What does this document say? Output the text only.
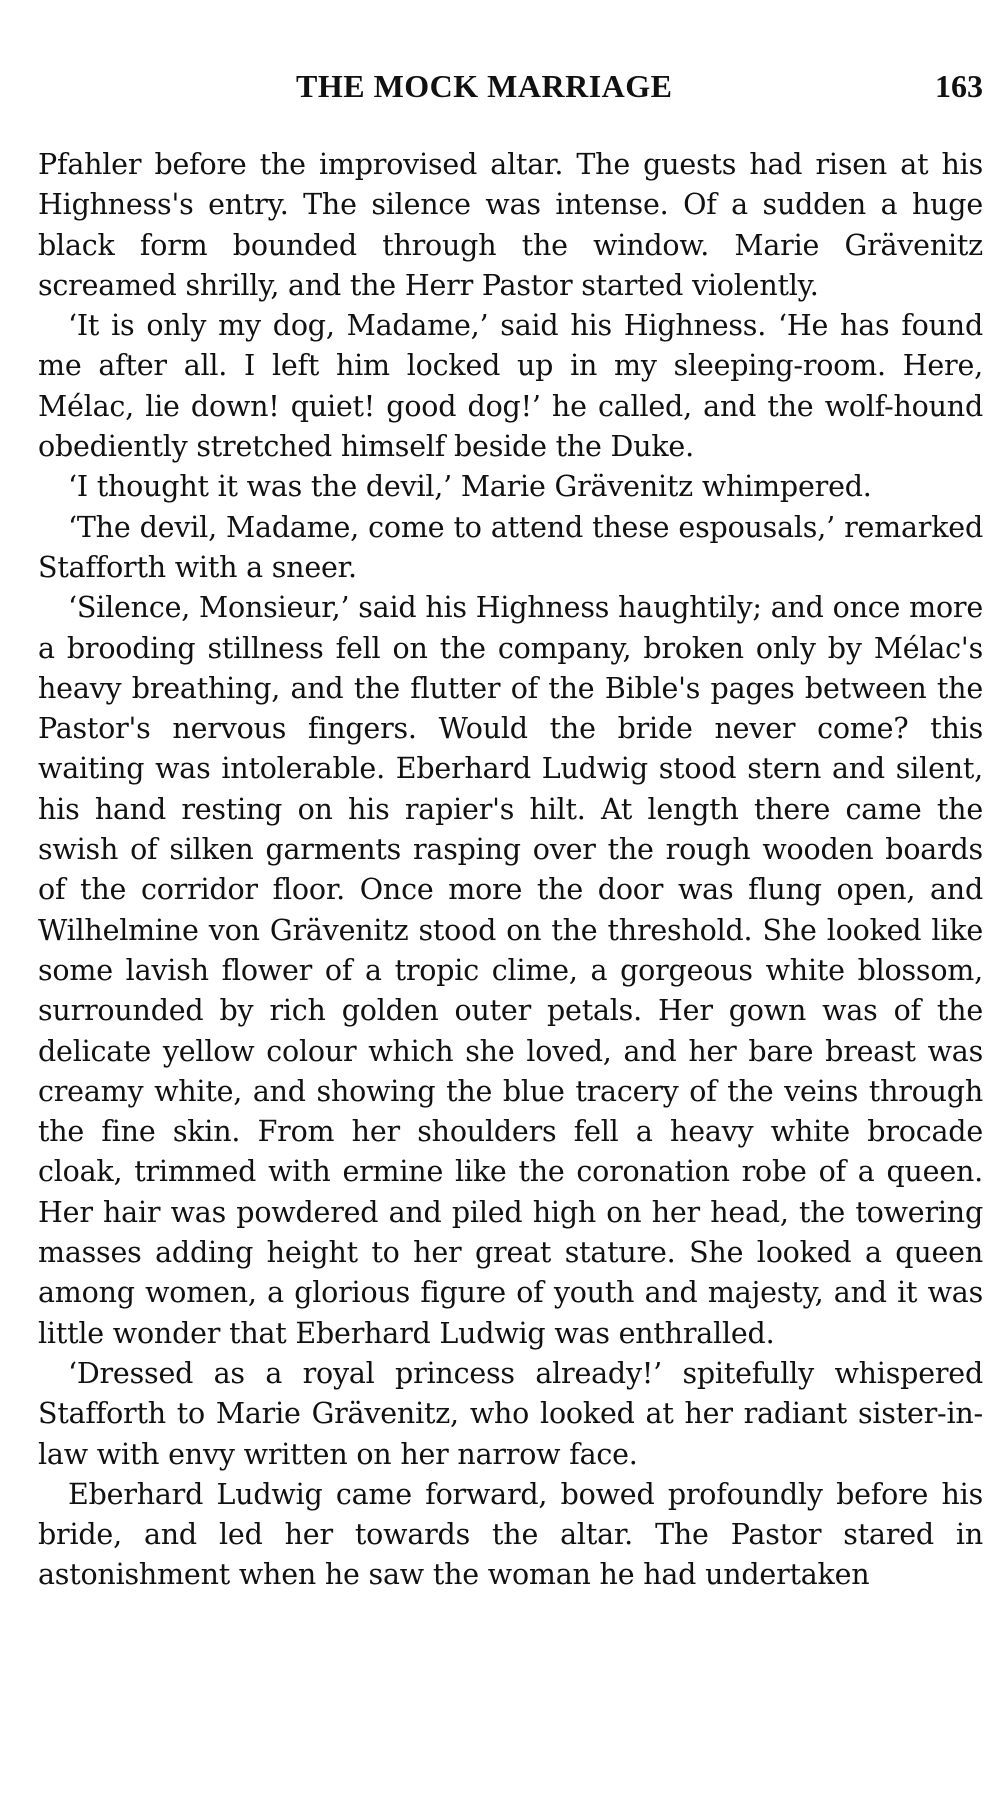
THE MOCK MARRIAGE	163

Pfahler before the improvised altar. The guests had risen at his Highness's entry. The silence was intense. Of a sudden a huge black form bounded through the window. Marie Grävenitz screamed shrilly, and the Herr Pastor started violently.

‘It is only my dog, Madame,’ said his Highness. ‘He has found me after all. I left him locked up in my sleeping-room. Here, Mélac, lie down! quiet! good dog!’ he called, and the wolf-hound obediently stretched himself beside the Duke.

‘I thought it was the devil,’ Marie Grävenitz whimpered.

‘The devil, Madame, come to attend these espousals,’ remarked Stafforth with a sneer.

‘Silence, Monsieur,’ said his Highness haughtily; and once more a brooding stillness fell on the company, broken only by Mélac's heavy breathing, and the flutter of the Bible's pages between the Pastor's nervous fingers. Would the bride never come? this waiting was intolerable. Eberhard Ludwig stood stern and silent, his hand resting on his rapier's hilt. At length there came the swish of silken garments rasping over the rough wooden boards of the corridor floor. Once more the door was flung open, and Wilhelmine von Grävenitz stood on the threshold. She looked like some lavish flower of a tropic clime, a gorgeous white blossom, surrounded by rich golden outer petals. Her gown was of the delicate yellow colour which she loved, and her bare breast was creamy white, and showing the blue tracery of the veins through the fine skin. From her shoulders fell a heavy white brocade cloak, trimmed with ermine like the coronation robe of a queen. Her hair was powdered and piled high on her head, the towering masses adding height to her great stature. She looked a queen among women, a glorious figure of youth and majesty, and it was little wonder that Eberhard Ludwig was enthralled.

‘Dressed as a royal princess already!’ spitefully whispered Stafforth to Marie Grävenitz, who looked at her radiant sister-in-law with envy written on her narrow face.

Eberhard Ludwig came forward, bowed profoundly before his bride, and led her towards the altar. The Pastor stared in astonishment when he saw the woman he had undertaken
